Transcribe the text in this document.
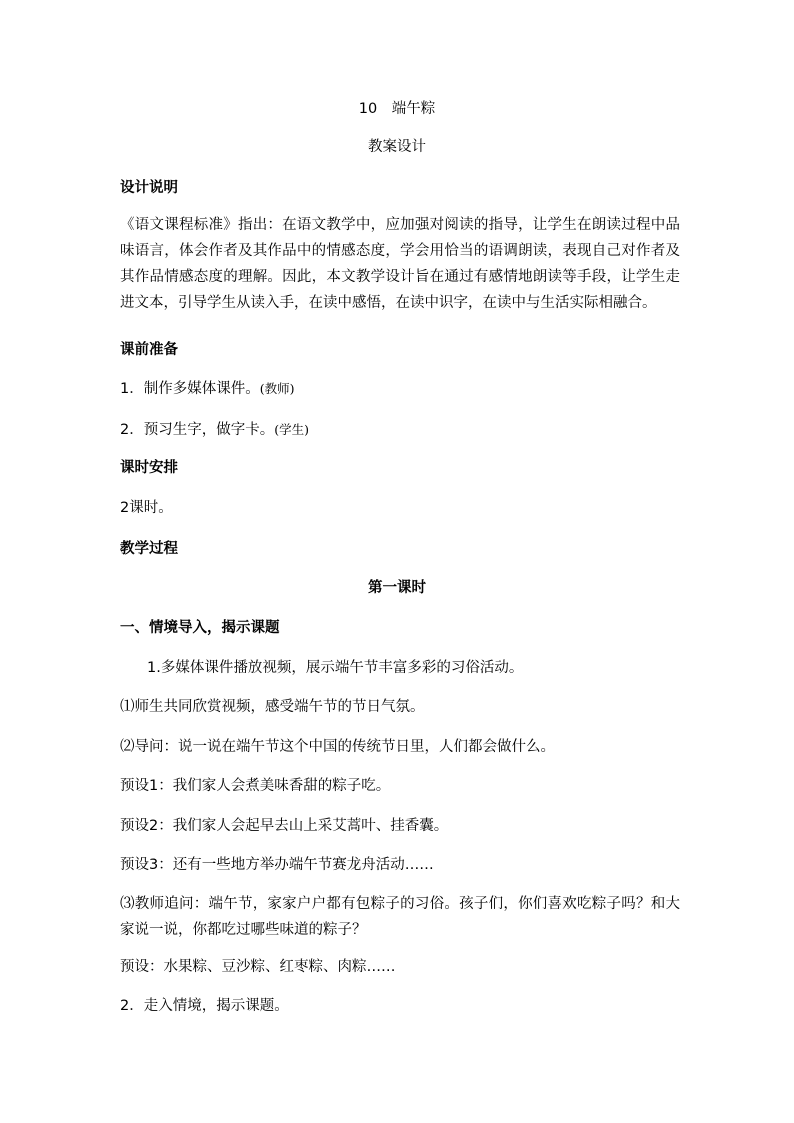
10　端午粽
教案设计
设计说明
《语文课程标准》指出：在语文教学中，应加强对阅读的指导，让学生在朗读过程中品味语言，体会作者及其作品中的情感态度，学会用恰当的语调朗读，表现自己对作者及其作品情感态度的理解。因此，本文教学设计旨在通过有感情地朗读等手段，让学生走进文本，引导学生从读入手，在读中感悟，在读中识字，在读中与生活实际相融合。
课前准备
1．制作多媒体课件。(教师)
2．预习生字，做字卡。(学生)
课时安排
2课时。
教学过程
第一课时
一、情境导入，揭示课题
1.多媒体课件播放视频，展示端午节丰富多彩的习俗活动。
⑴师生共同欣赏视频，感受端午节的节日气氛。
⑵导问：说一说在端午节这个中国的传统节日里，人们都会做什么。
预设1：我们家人会煮美味香甜的粽子吃。
预设2：我们家人会起早去山上采艾蒿叶、挂香囊。
预设3：还有一些地方举办端午节赛龙舟活动……
⑶教师追问：端午节，家家户户都有包粽子的习俗。孩子们，你们喜欢吃粽子吗？和大家说一说，你都吃过哪些味道的粽子？
预设：水果粽、豆沙粽、红枣粽、肉粽……
2．走入情境，揭示课题。
